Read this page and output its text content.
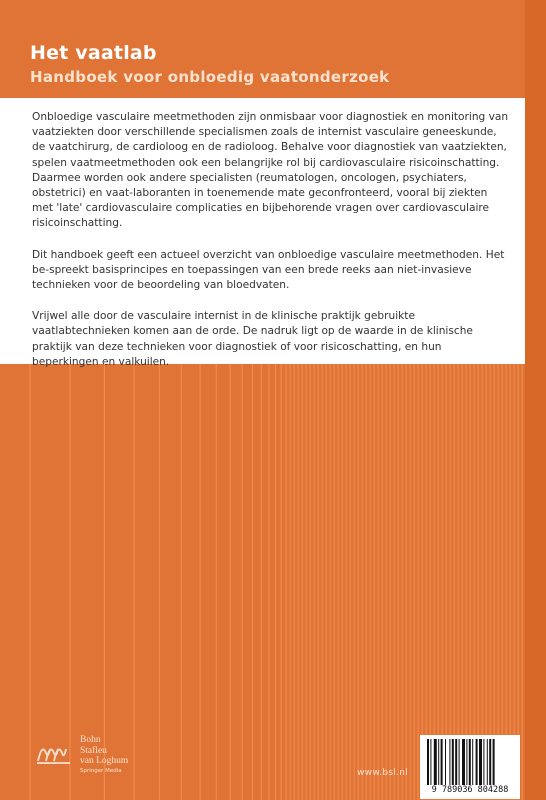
Het vaatlab
Handboek voor onbloedig vaatonderzoek

Onbloedige vasculaire meetmethoden zijn onmisbaar voor diagnostiek en monitoring van vaatziekten door verschillende specialismen zoals de internist vasculaire geneeskunde, de vaatchirurg, de cardioloog en de radioloog. Behalve voor diagnostiek van vaatziekten, spelen vaatmeetmethoden ook een belangrijke rol bij cardiovasculaire risicoinschatting. Daarmee worden ook andere specialisten (reumatologen, oncologen, psychiaters, obstetrici) en vaat-laboranten in toenemende mate geconfronteerd, vooral bij ziekten met 'late' cardiovasculaire complicaties en bijbehorende vragen over cardiovasculaire risicoinschatting.

Dit handboek geeft een actueel overzicht van onbloedige vasculaire meetmethoden. Het be-spreekt basisprincipes en toepassingen van een brede reeks aan niet-invasieve technieken voor de beoordeling van bloedvaten.

Vrijwel alle door de vasculaire internist in de klinische praktijk gebruikte vaatlabtechnieken komen aan de orde. De nadruk ligt op de waarde in de klinische praktijk van deze technieken voor diagnostiek of voor risicoschatting, en hun beperkingen en valkuilen.

Bohn
Stafleu
van Loghum

Springer Media	www.bsl.nl

9 789036 804288
